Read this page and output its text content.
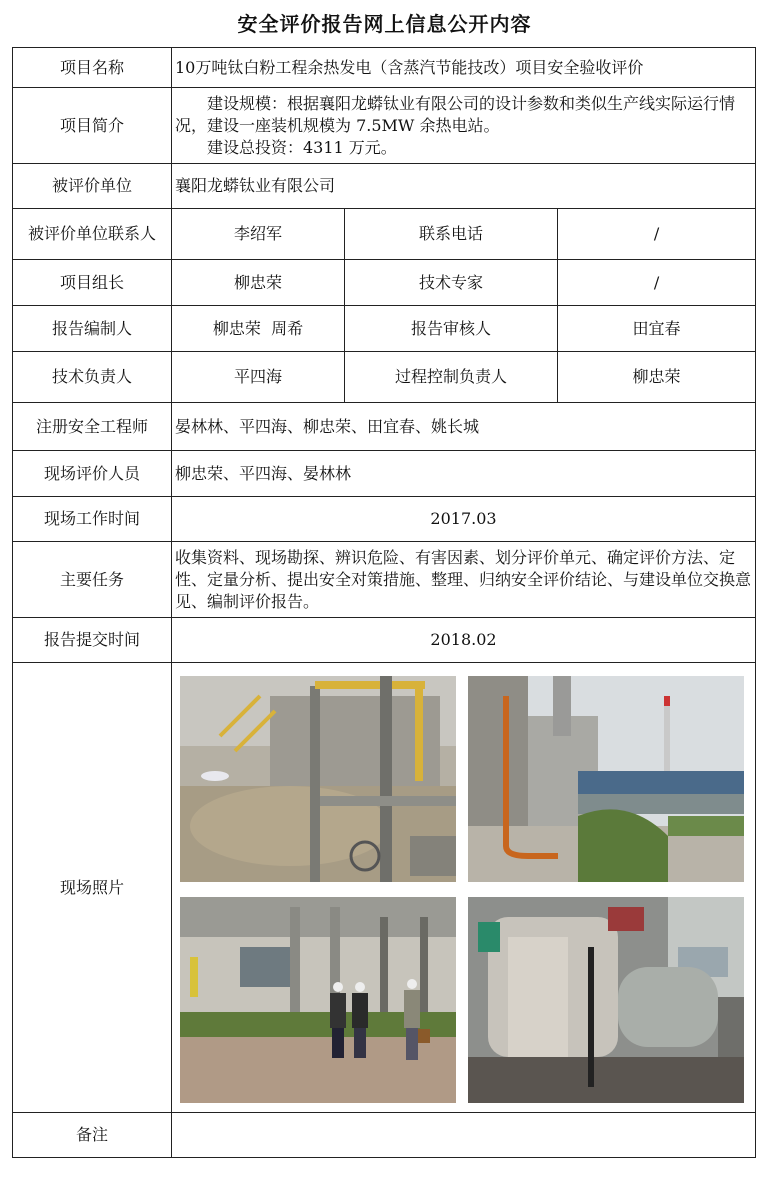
安全评价报告网上信息公开内容
项目名称	10万吨钛白粉工程余热发电（含蒸汽节能技改）项目安全验收评价		
项目简介	建设规模：根据襄阳龙蟒钛业有限公司的设计参数和类似生产线实际运行情况，建设一座装机规模为 7.5MW 余热电站。
建设总投资：4311 万元。		

被评价单位	襄阳龙蟒钛业有限公司		
被评价单位联系人	李绍军	联系电话	/
项目组长	柳忠荣	技术专家	/
报告编制人	柳忠荣  周希	报告审核人	田宜春
技术负责人	平四海	过程控制负责人	柳忠荣
注册安全工程师	晏林林、平四海、柳忠荣、田宜春、姚长城		
现场评价人员	柳忠荣、平四海、晏林林		
现场工作时间	2017.03		
主要任务	收集资料、现场勘探、辨识危险、有害因素、划分评价单元、确定评价方法、定性、定量分析、提出安全对策措施、整理、归纳安全评价结论、与建设单位交换意见、编制评价报告。		
报告提交时间	2018.02		
现场照片	

备注			
